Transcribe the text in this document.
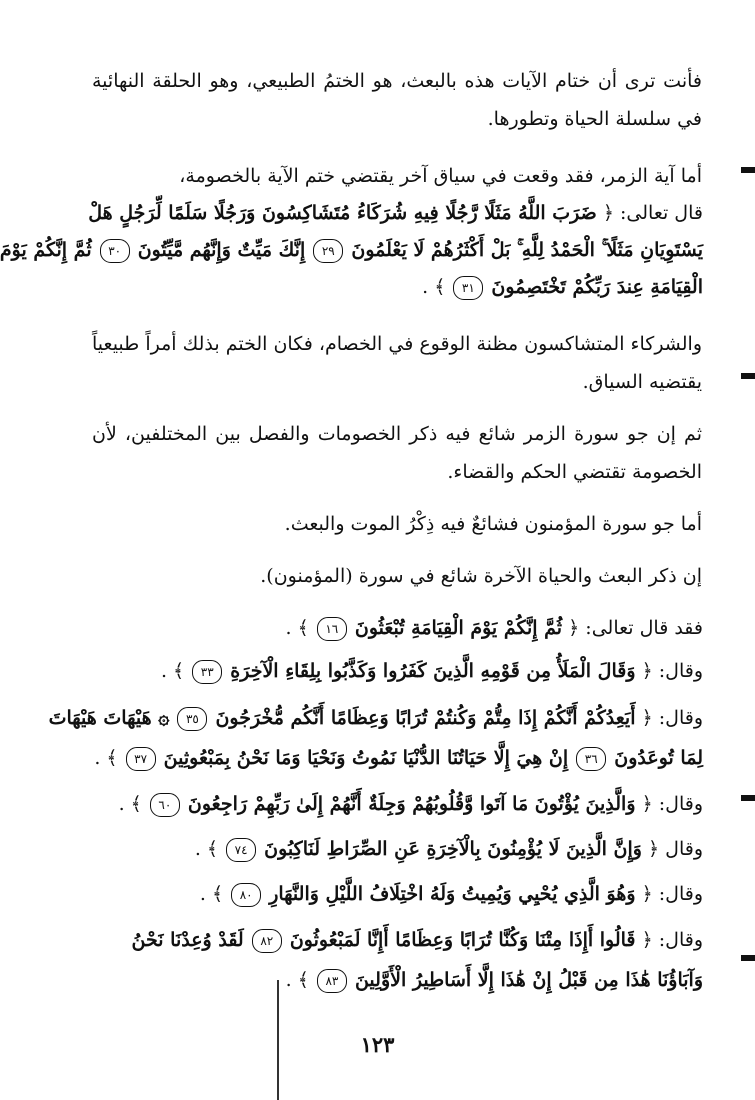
فأنت ترى أن ختام الآيات هذه بالبعث، هو الختمُ الطبيعي، وهو الحلقة النهائية في سلسلة الحياة وتطورها.
أما آية الزمر، فقد وقعت في سياق آخر يقتضي ختم الآية بالخصومة،
قال تعالى: ﴿ ضَرَبَ اللَّهُ مَثَلًا رَّجُلًا فِيهِ شُرَكَاءُ مُتَشَاكِسُونَ وَرَجُلًا سَلَمًا لِّرَجُلٍ هَلْ
يَسْتَوِيَانِ مَثَلًا ۚ الْحَمْدُ لِلَّهِ ۚ بَلْ أَكْثَرُهُمْ لَا يَعْلَمُونَ ٢٩ إِنَّكَ مَيِّتٌ وَإِنَّهُم مَّيِّتُونَ ٣٠ ثُمَّ إِنَّكُمْ يَوْمَ
الْقِيَامَةِ عِندَ رَبِّكُمْ تَخْتَصِمُونَ ٣١ ﴾ .
والشركاء المتشاكسون مظنة الوقوع في الخصام، فكان الختم بذلك أمراً طبيعياً يقتضيه السياق.
ثم إن جو سورة الزمر شائع فيه ذكر الخصومات والفصل بين المختلفين، لأن الخصومة تقتضي الحكم والقضاء.
أما جو سورة المؤمنون فشائعٌ فيه ذِكْرُ الموت والبعث.
إن ذكر البعث والحياة الآخرة شائع في سورة (المؤمنون).
فقد قال تعالى: ﴿ ثُمَّ إِنَّكُمْ يَوْمَ الْقِيَامَةِ تُبْعَثُونَ ١٦ ﴾ .
وقال: ﴿ وَقَالَ الْمَلَأُ مِن قَوْمِهِ الَّذِينَ كَفَرُوا وَكَذَّبُوا بِلِقَاءِ الْآخِرَةِ ٣٣ ﴾ .
وقال: ﴿ أَيَعِدُكُمْ أَنَّكُمْ إِذَا مِتُّمْ وَكُنتُمْ تُرَابًا وَعِظَامًا أَنَّكُم مُّخْرَجُونَ ٣٥ ۞ هَيْهَاتَ هَيْهَاتَ
لِمَا تُوعَدُونَ ٣٦ إِنْ هِيَ إِلَّا حَيَاتُنَا الدُّنْيَا نَمُوتُ وَنَحْيَا وَمَا نَحْنُ بِمَبْعُوثِينَ ٣٧ ﴾ .
وقال: ﴿ وَالَّذِينَ يُؤْتُونَ مَا آتَوا وَّقُلُوبُهُمْ وَجِلَةٌ أَنَّهُمْ إِلَىٰ رَبِّهِمْ رَاجِعُونَ ٦٠ ﴾ .
وقال ﴿ وَإِنَّ الَّذِينَ لَا يُؤْمِنُونَ بِالْآخِرَةِ عَنِ الصِّرَاطِ لَنَاكِبُونَ ٧٤ ﴾ .
وقال: ﴿ وَهُوَ الَّذِي يُحْيِي وَيُمِيتُ وَلَهُ اخْتِلَافُ اللَّيْلِ وَالنَّهَارِ ٨٠ ﴾ .
وقال: ﴿ قَالُوا أَإِذَا مِتْنَا وَكُنَّا تُرَابًا وَعِظَامًا أَإِنَّا لَمَبْعُوثُونَ ٨٢ لَقَدْ وُعِدْنَا نَحْنُ
وَآبَاؤُنَا هَٰذَا مِن قَبْلُ إِنْ هَٰذَا إِلَّا أَسَاطِيرُ الْأَوَّلِينَ ٨٣ ﴾ .
١٢٣
